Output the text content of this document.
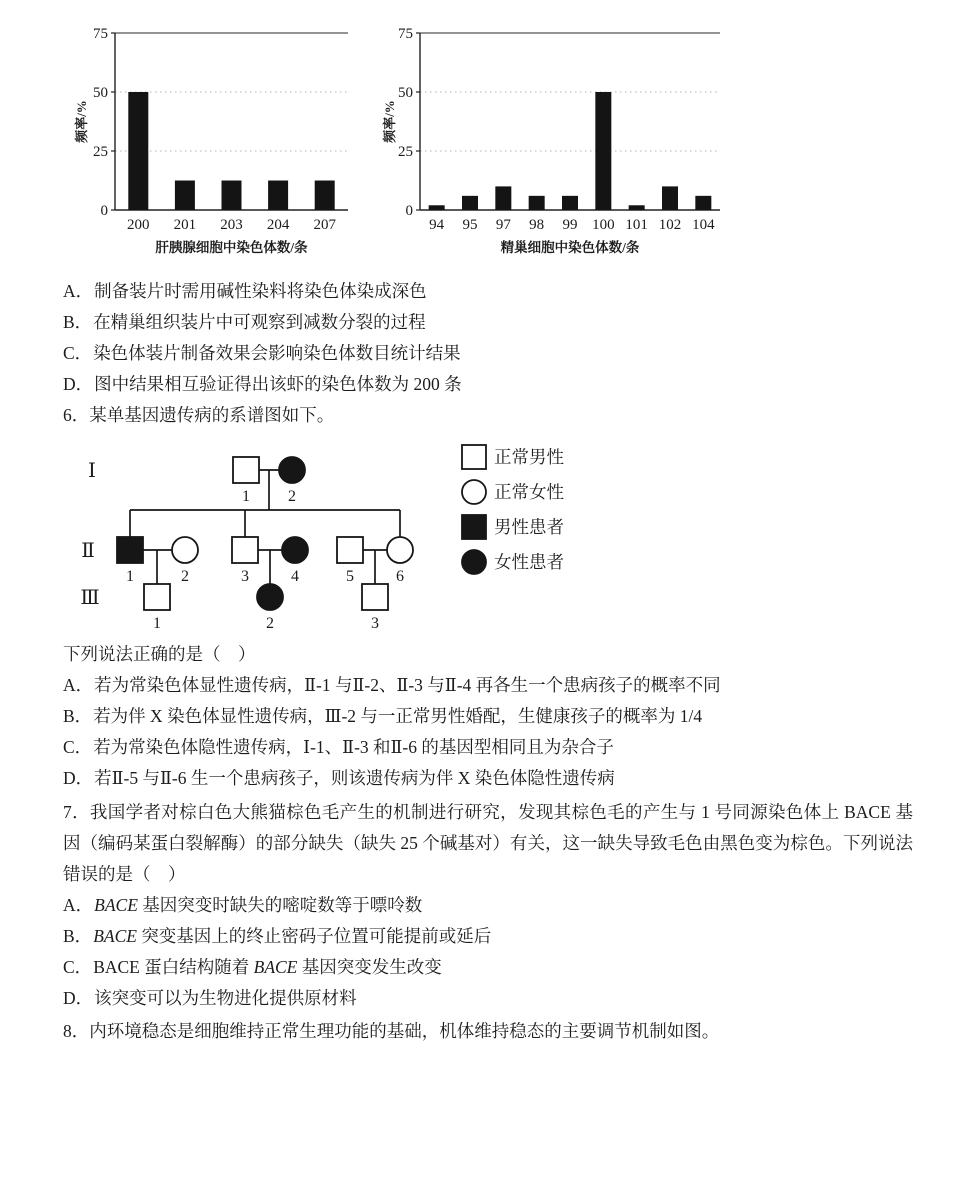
0
25
50
75
200 201 203 204 207
肝胰腺细胞中染色体数/条
频率/%
0
25
50
75
94 95 97 98 99 100 101 102 104
精巢细胞中染色体数/条
频率/%

A．制备装片时需用碱性染料将染色体染成深色

B．在精巢组织装片中可观察到减数分裂的过程

C．染色体装片制备效果会影响染色体数目统计结果

D．图中结果相互验证得出该虾的染色体数为 200 条

6．某单基因遗传病的系谱图如下。

1 2
1	2	3	4	5	6
1	2	3
Ⅰ
Ⅱ
Ⅲ
正常男性
正常女性
男性患者
女性患者

下列说法正确的是（　）

A．若为常染色体显性遗传病，Ⅱ-1 与Ⅱ-2、Ⅱ-3 与Ⅱ-4 再各生一个患病孩子的概率不同

B．若为伴 X 染色体显性遗传病，Ⅲ-2 与一正常男性婚配，生健康孩子的概率为 1/4

C．若为常染色体隐性遗传病，Ⅰ-1、Ⅱ-3 和Ⅱ-6 的基因型相同且为杂合子

D．若Ⅱ-5 与Ⅱ-6 生一个患病孩子，则该遗传病为伴 X 染色体隐性遗传病

7．我国学者对棕白色大熊猫棕色毛产生的机制进行研究，发现其棕色毛的产生与 1 号同源染色体上 BACE 基因（编码某蛋白裂解酶）的部分缺失（缺失 25 个碱基对）有关，这一缺失导致毛色由黑色变为棕色。下列说法错误的是（　）

A．BACE 基因突变时缺失的嘧啶数等于嘌呤数

B．BACE 突变基因上的终止密码子位置可能提前或延后

C．BACE 蛋白结构随着 BACE 基因突变发生改变

D．该突变可以为生物进化提供原材料

8．内环境稳态是细胞维持正常生理功能的基础，机体维持稳态的主要调节机制如图。
